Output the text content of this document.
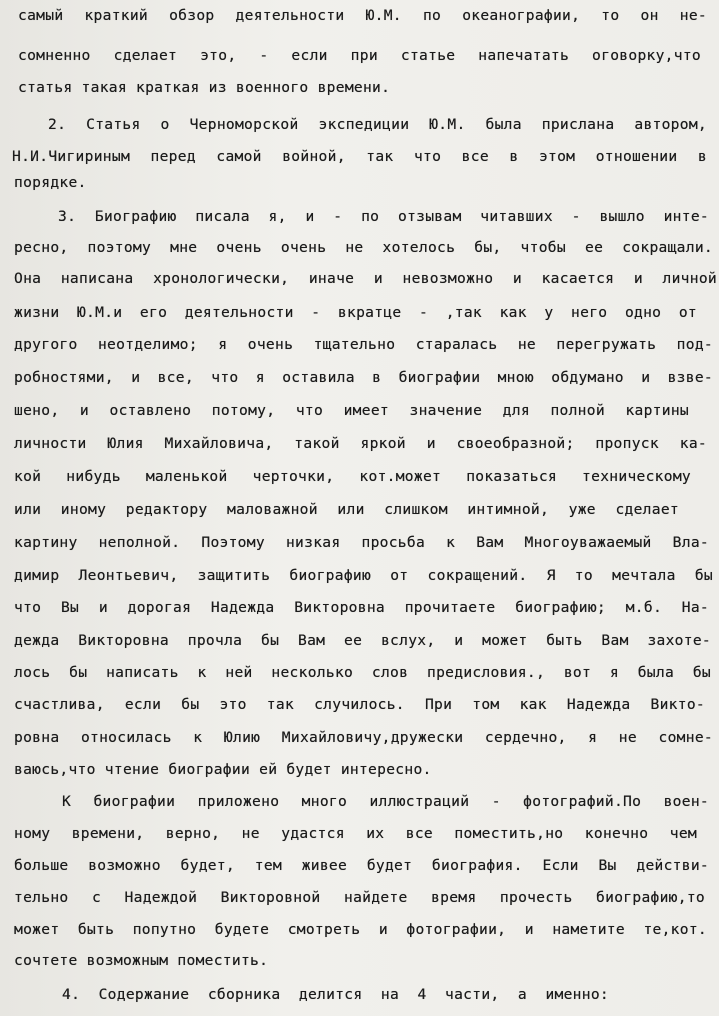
самый краткий обзор деятельности Ю.М. по океанографии, то он не-
сомненно сделает это, - если при статье напечатать оговорку,что
статья такая краткая из военного времени.
2. Статья о Черноморской экспедиции Ю.М. была прислана автором,
Н.И.Чигириным перед самой войной, так что все в этом отношении в
порядке.
3. Биографию писала я, и - по отзывам читавших - вышло инте-
ресно, поэтому мне очень очень не хотелось бы, чтобы ее сокращали.
Она написана хронологически, иначе и невозможно и касается и личной
жизни Ю.М.и его деятельности - вкратце - ,так как у него одно от
другого неотделимо; я очень тщательно старалась не перегружать под-
робностями, и все, что я оставила в биографии мною обдумано и взве-
шено, и оставлено потому, что имеет значение для полной картины
личности Юлия Михайловича, такой яркой и своеобразной; пропуск ка-
кой нибудь маленькой черточки, кот.может показаться техническому
или иному редактору маловажной или слишком интимной, уже сделает
картину неполной. Поэтому низкая просьба к Вам Многоуважаемый Вла-
димир Леонтьевич, защитить биографию от сокращений. Я то мечтала бы
что Вы и дорогая Надежда Викторовна прочитаете биографию; м.б. На-
дежда Викторовна прочла бы Вам ее вслух, и может быть Вам захоте-
лось бы написать к ней несколько слов предисловия., вот я была бы
счастлива, если бы это так случилось. При том как Надежда Викто-
ровна относилась к Юлию Михайловичу,дружески сердечно, я не сомне-
ваюсь,что чтение биографии ей будет интересно.
К биографии приложено много иллюстраций - фотографий.По воен-
ному времени, верно, не удастся их все поместить,но конечно чем
больше возможно будет, тем живее будет биография. Если Вы действи-
тельно с Надеждой Викторовной найдете время прочесть биографию,то
может быть попутно будете смотреть и фотографии, и наметите те,кот.
сочтете возможным поместить.
4. Содержание сборника делится на 4 части, а именно:
